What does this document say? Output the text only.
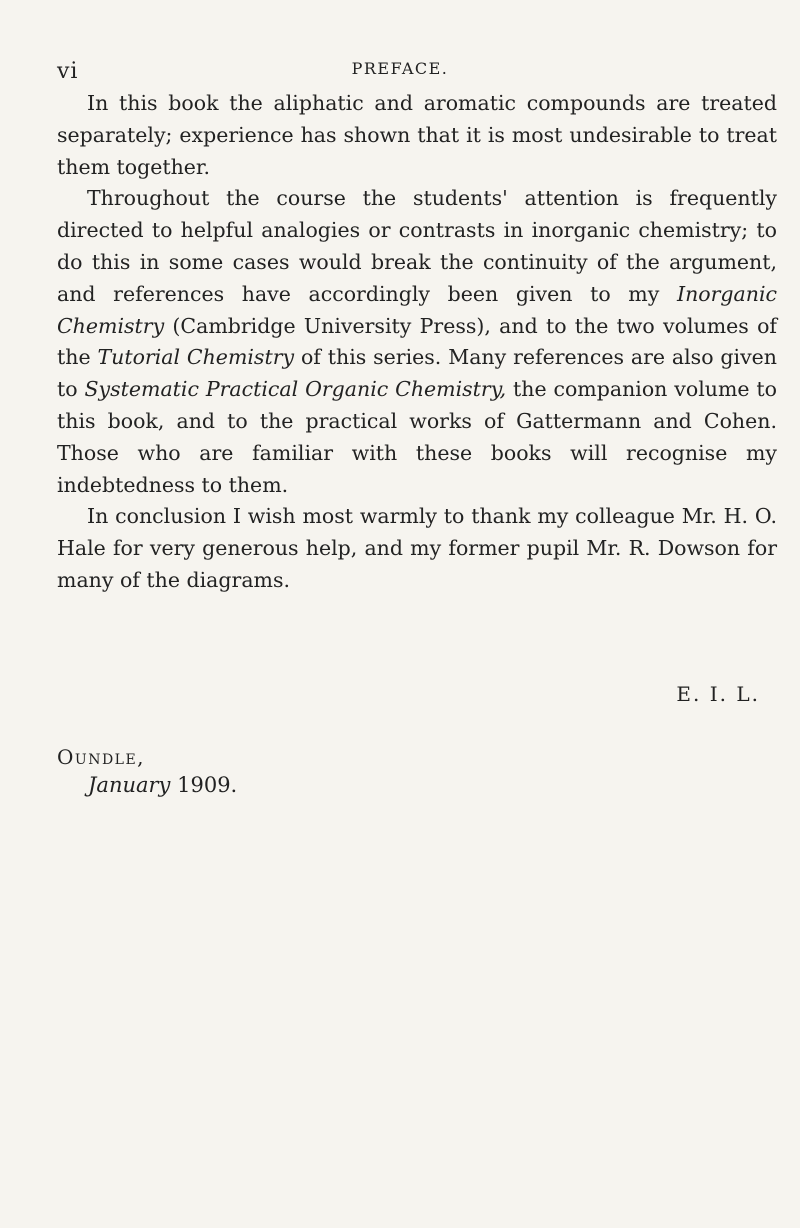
vi	PREFACE.

In this book the aliphatic and aromatic compounds are treated separately; experience has shown that it is most undesirable to treat them together.

Throughout the course the students' attention is frequently directed to helpful analogies or contrasts in inorganic chemistry; to do this in some cases would break the continuity of the argument, and references have accordingly been given to my Inorganic Chemistry (Cambridge University Press), and to the two volumes of the Tutorial Chemistry of this series. Many references are also given to Systematic Practical Organic Chemistry, the companion volume to this book, and to the practical works of Gattermann and Cohen. Those who are familiar with these books will recognise my indebtedness to them.

In conclusion I wish most warmly to thank my colleague Mr. H. O. Hale for very generous help, and my former pupil Mr. R. Dowson for many of the diagrams.

E. I. L.
Oundle,
January 1909.
